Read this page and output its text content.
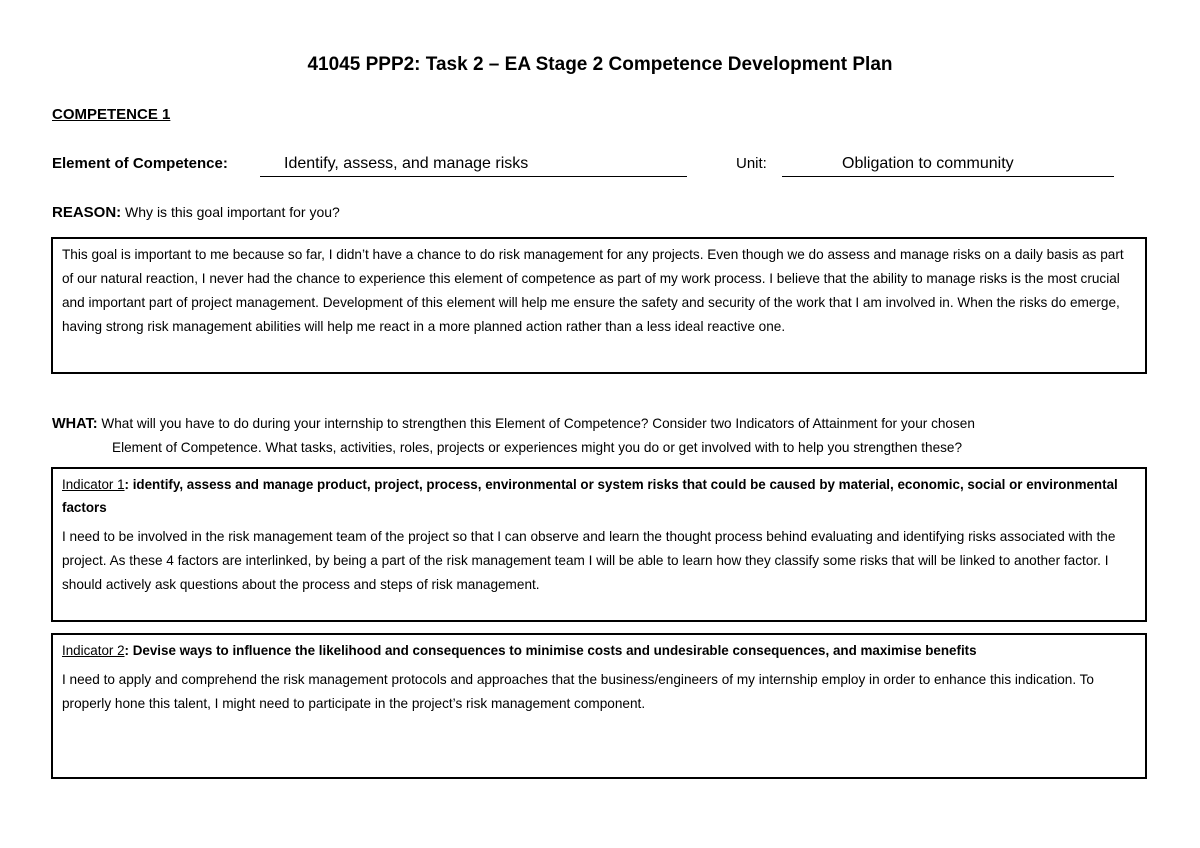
41045 PPP2: Task 2 – EA Stage 2 Competence Development Plan
COMPETENCE 1
Element of Competence:	Identify, assess, and manage risks	Unit:	Obligation to community
REASON: Why is this goal important for you?
This goal is important to me because so far, I didn’t have a chance to do risk management for any projects. Even though we do assess and manage risks on a daily basis as part of our natural reaction, I never had the chance to experience this element of competence as part of my work process. I believe that the ability to manage risks is the most crucial and important part of project management. Development of this element will help me ensure the safety and security of the work that I am involved in. When the risks do emerge, having strong risk management abilities will help me react in a more planned action rather than a less ideal reactive one.
WHAT: What will you have to do during your internship to strengthen this Element of Competence? Consider two Indicators of Attainment for your chosen
Element of Competence. What tasks, activities, roles, projects or experiences might you do or get involved with to help you strengthen these?
Indicator 1: identify, assess and manage product, project, process, environmental or system risks that could be caused by material, economic, social or environmental factors
I need to be involved in the risk management team of the project so that I can observe and learn the thought process behind evaluating and identifying risks associated with the project. As these 4 factors are interlinked, by being a part of the risk management team I will be able to learn how they classify some risks that will be linked to another factor. I should actively ask questions about the process and steps of risk management.
Indicator 2: Devise ways to influence the likelihood and consequences to minimise costs and undesirable consequences, and maximise benefits
I need to apply and comprehend the risk management protocols and approaches that the business/engineers of my internship employ in order to enhance this indication. To properly hone this talent, I might need to participate in the project’s risk management component.
